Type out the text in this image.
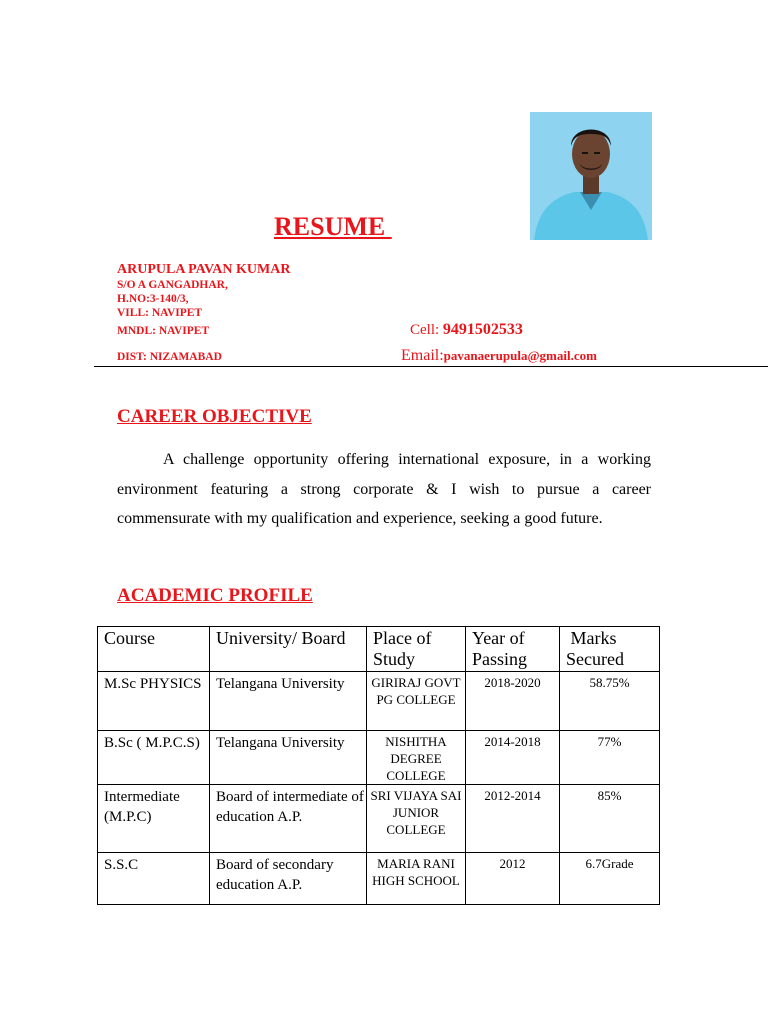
RESUME
ARUPULA PAVAN KUMAR
S/O A GANGADHAR,
H.NO:3-140/3,
VILL: NAVIPET
MNDL: NAVIPET
DIST: NIZAMABAD
Cell: 9491502533
Email:pavanaerupula@gmail.com
CAREER OBJECTIVE

A challenge opportunity offering international exposure, in a working environment featuring a strong corporate & I wish to pursue a career commensurate with my qualification and experience, seeking a good future.

ACADEMIC PROFILE
Course	University/ Board	Place of Study	Year of Passing	Marks Secured
M.Sc PHYSICS	Telangana University	GIRIRAJ GOVT PG COLLEGE	2018-2020	58.75%
B.Sc ( M.P.C.S)	Telangana University	NISHITHA DEGREE COLLEGE	2014-2018	77%
Intermediate (M.P.C)	Board of intermediate of education A.P.	SRI VIJAYA SAI JUNIOR COLLEGE	2012-2014	85%
S.S.C	Board of secondary education A.P.	MARIA RANI HIGH SCHOOL	2012	6.7Grade
